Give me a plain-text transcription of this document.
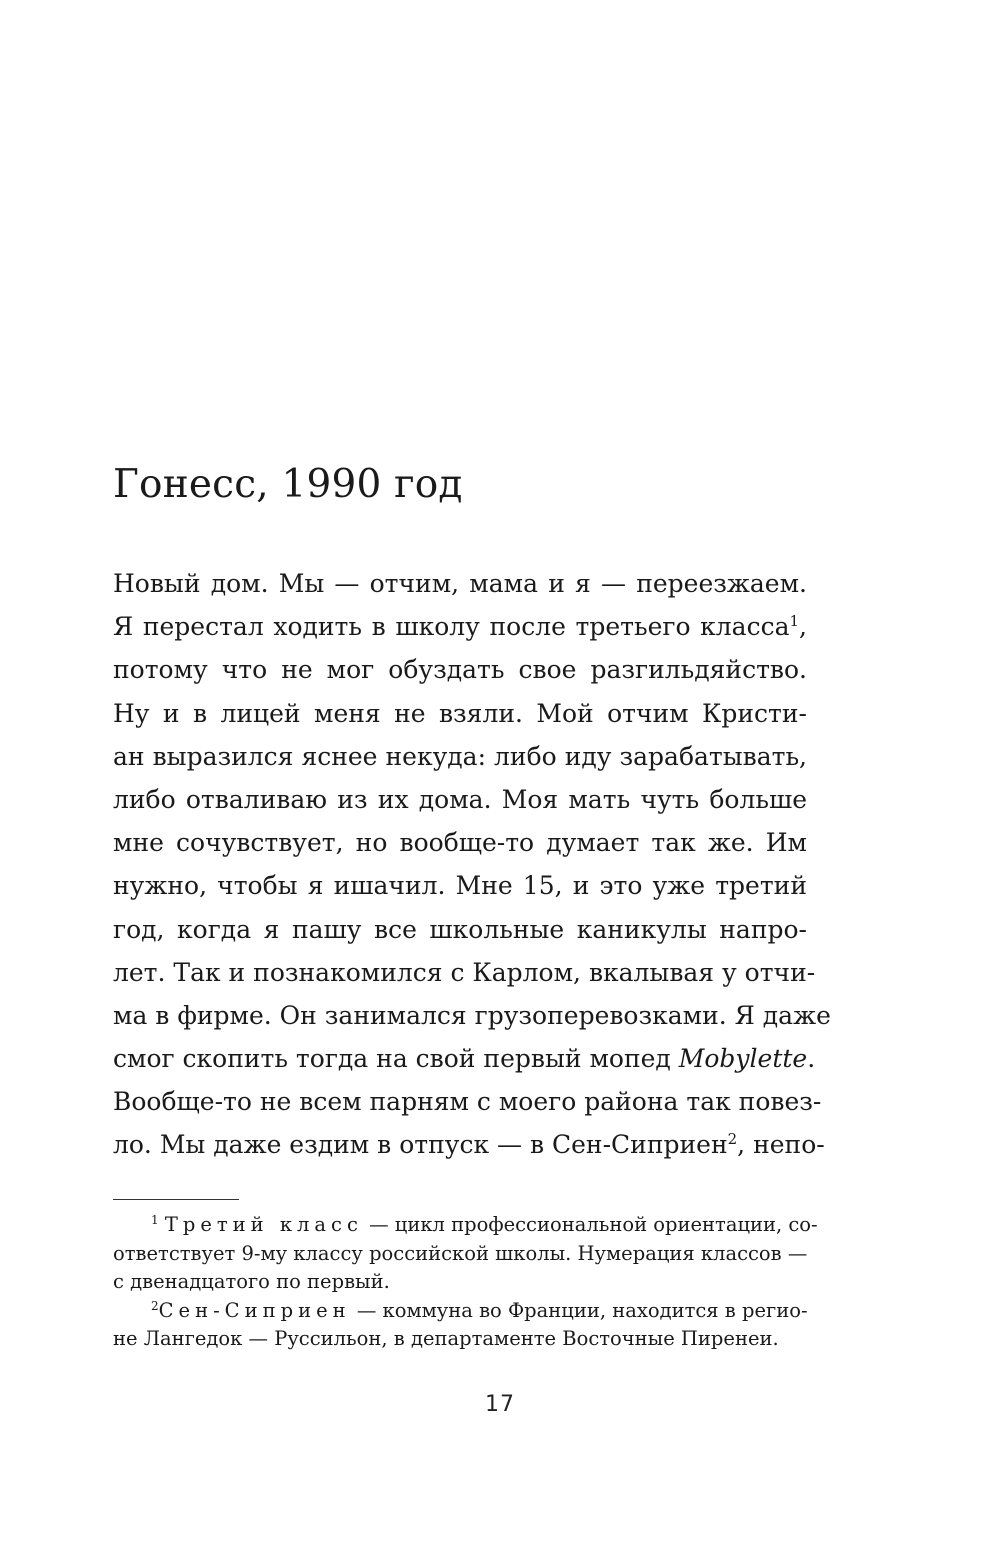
Гонесс, 1990 год
Новый дом. Мы — отчим, мама и я — переезжаем.
Я перестал ходить в школу после третьего класса$^1$,
потому что не мог обуздать свое разгильдяйство.
Ну и в лицей меня не взяли. Мой отчим Кристи-
ан выразился яснее некуда: либо иду зарабатывать,
либо отваливаю из их дома. Моя мать чуть больше
мне сочувствует, но вообще-то думает так же. Им
нужно, чтобы я ишачил. Мне 15, и это уже третий
год, когда я пашу все школьные каникулы напро-
лет. Так и познакомился с Карлом, вкалывая у отчи-
ма в фирме. Он занимался грузоперевозками. Я даже
смог скопить тогда на свой первый мопед Mobylette.
Вообще-то не всем парням с моего района так повез-
ло. Мы даже ездим в отпуск — в Сен-Сиприен$^2$, непо-
$^1$ Третий класс — цикл профессиональной ориентации, со-
ответствует 9-му классу российской школы. Нумерация классов —
с двенадцатого по первый.
$^2$Сен-Сиприен — коммуна во Франции, находится в регио-
не Лангедок — Руссильон, в департаменте Восточные Пиренеи.
17
